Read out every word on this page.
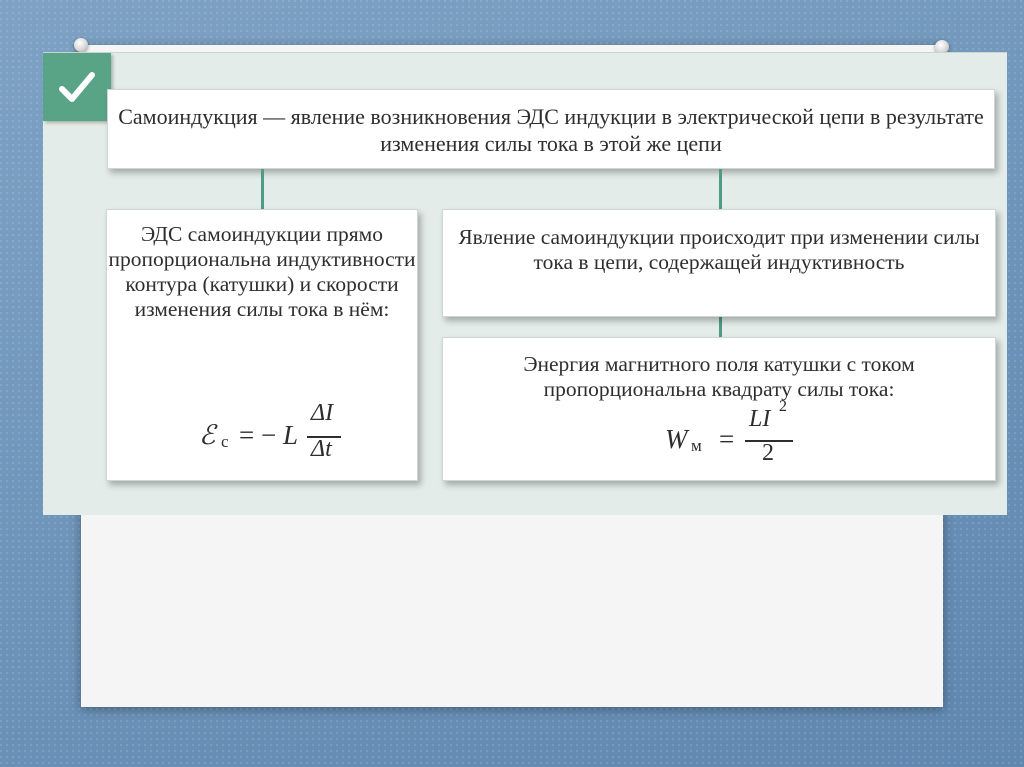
Самоиндукция — явление возникновения ЭДС индукции в электрической цепи в результате изменения силы тока в этой же цепи
ЭДС самоиндукции прямо пропорциональна индуктивности контура (катушки) и скорости изменения силы тока в нём:
ℰ с = − L
ΔI
Δt
Явление самоиндукции происходит при изменении силы тока в цепи, содержащей индуктивность
Энергия магнитного поля катушки с током пропорциональна квадрату силы тока:
W м =
LI 2
2
